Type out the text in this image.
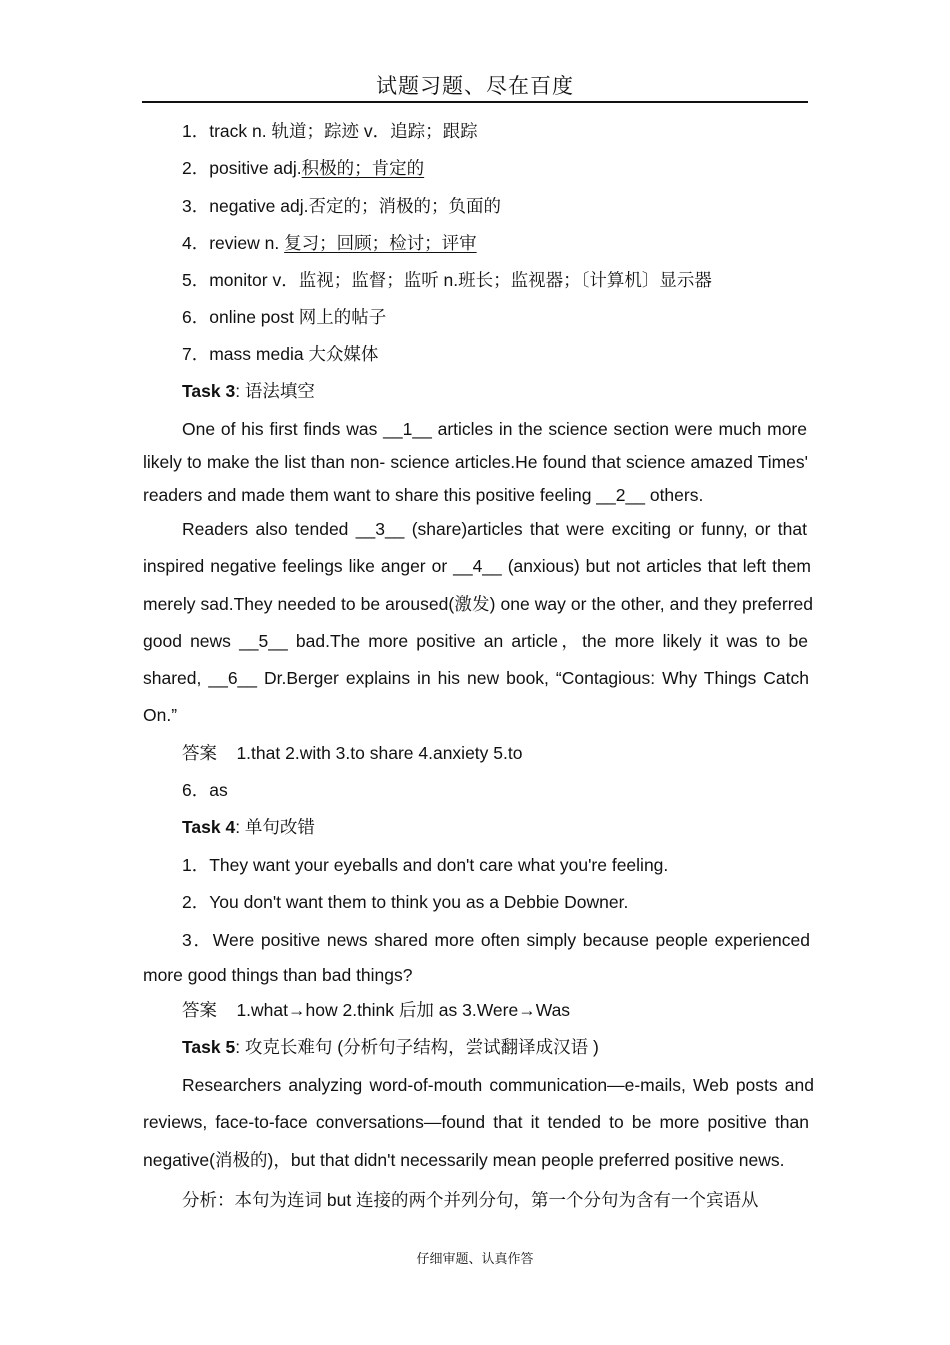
试题习题、尽在百度
1．track n. 轨道；踪迹 v．追踪；跟踪
2．positive adj.积极的；肯定的
3．negative adj.否定的；消极的；负面的
4．review n. 复习；回顾；检讨；评审
5．monitor v．监视；监督；监听 n.班长；监视器；〔计算机〕显示器
6．online post 网上的帖子
7．mass media 大众媒体
Task 3: 语法填空
One of his first finds was __1__ articles in the science section were much more
likely to make the list than non- science articles.He found that science amazed Times'
readers and made them want to share this positive feeling __2__ others.
Readers also tended __3__ (share)articles that were exciting or funny, or that
inspired negative feelings like anger or __4__ (anxious) but not articles that left them
merely sad.They needed to be aroused(激发) one way or the other, and they preferred
good news __5__ bad.The more positive an article，the more likely it was to be
shared, __6__ Dr.Berger explains in his new book, “Contagious: Why Things Catch
On.”
答案 1.that 2.with 3.to share 4.anxiety 5.to
6．as
Task 4: 单句改错
1．They want your eyeballs and don't care what you're feeling.
2．You don't want them to think you as a Debbie Downer.
3．Were positive news shared more often simply because people experienced
more good things than bad things?
答案 1.what→how 2.think 后加 as 3.Were→Was
Task 5: 攻克长难句 (分析句子结构，尝试翻译成汉语 )
Researchers analyzing word-of-mouth communication—e-mails, Web posts and
reviews, face-to-face conversations—found that it tended to be more positive than
negative(消极的)，but that didn't necessarily mean people preferred positive news.
分析：本句为连词 but 连接的两个并列分句，第一个分句为含有一个宾语从
仔细审题、认真作答
